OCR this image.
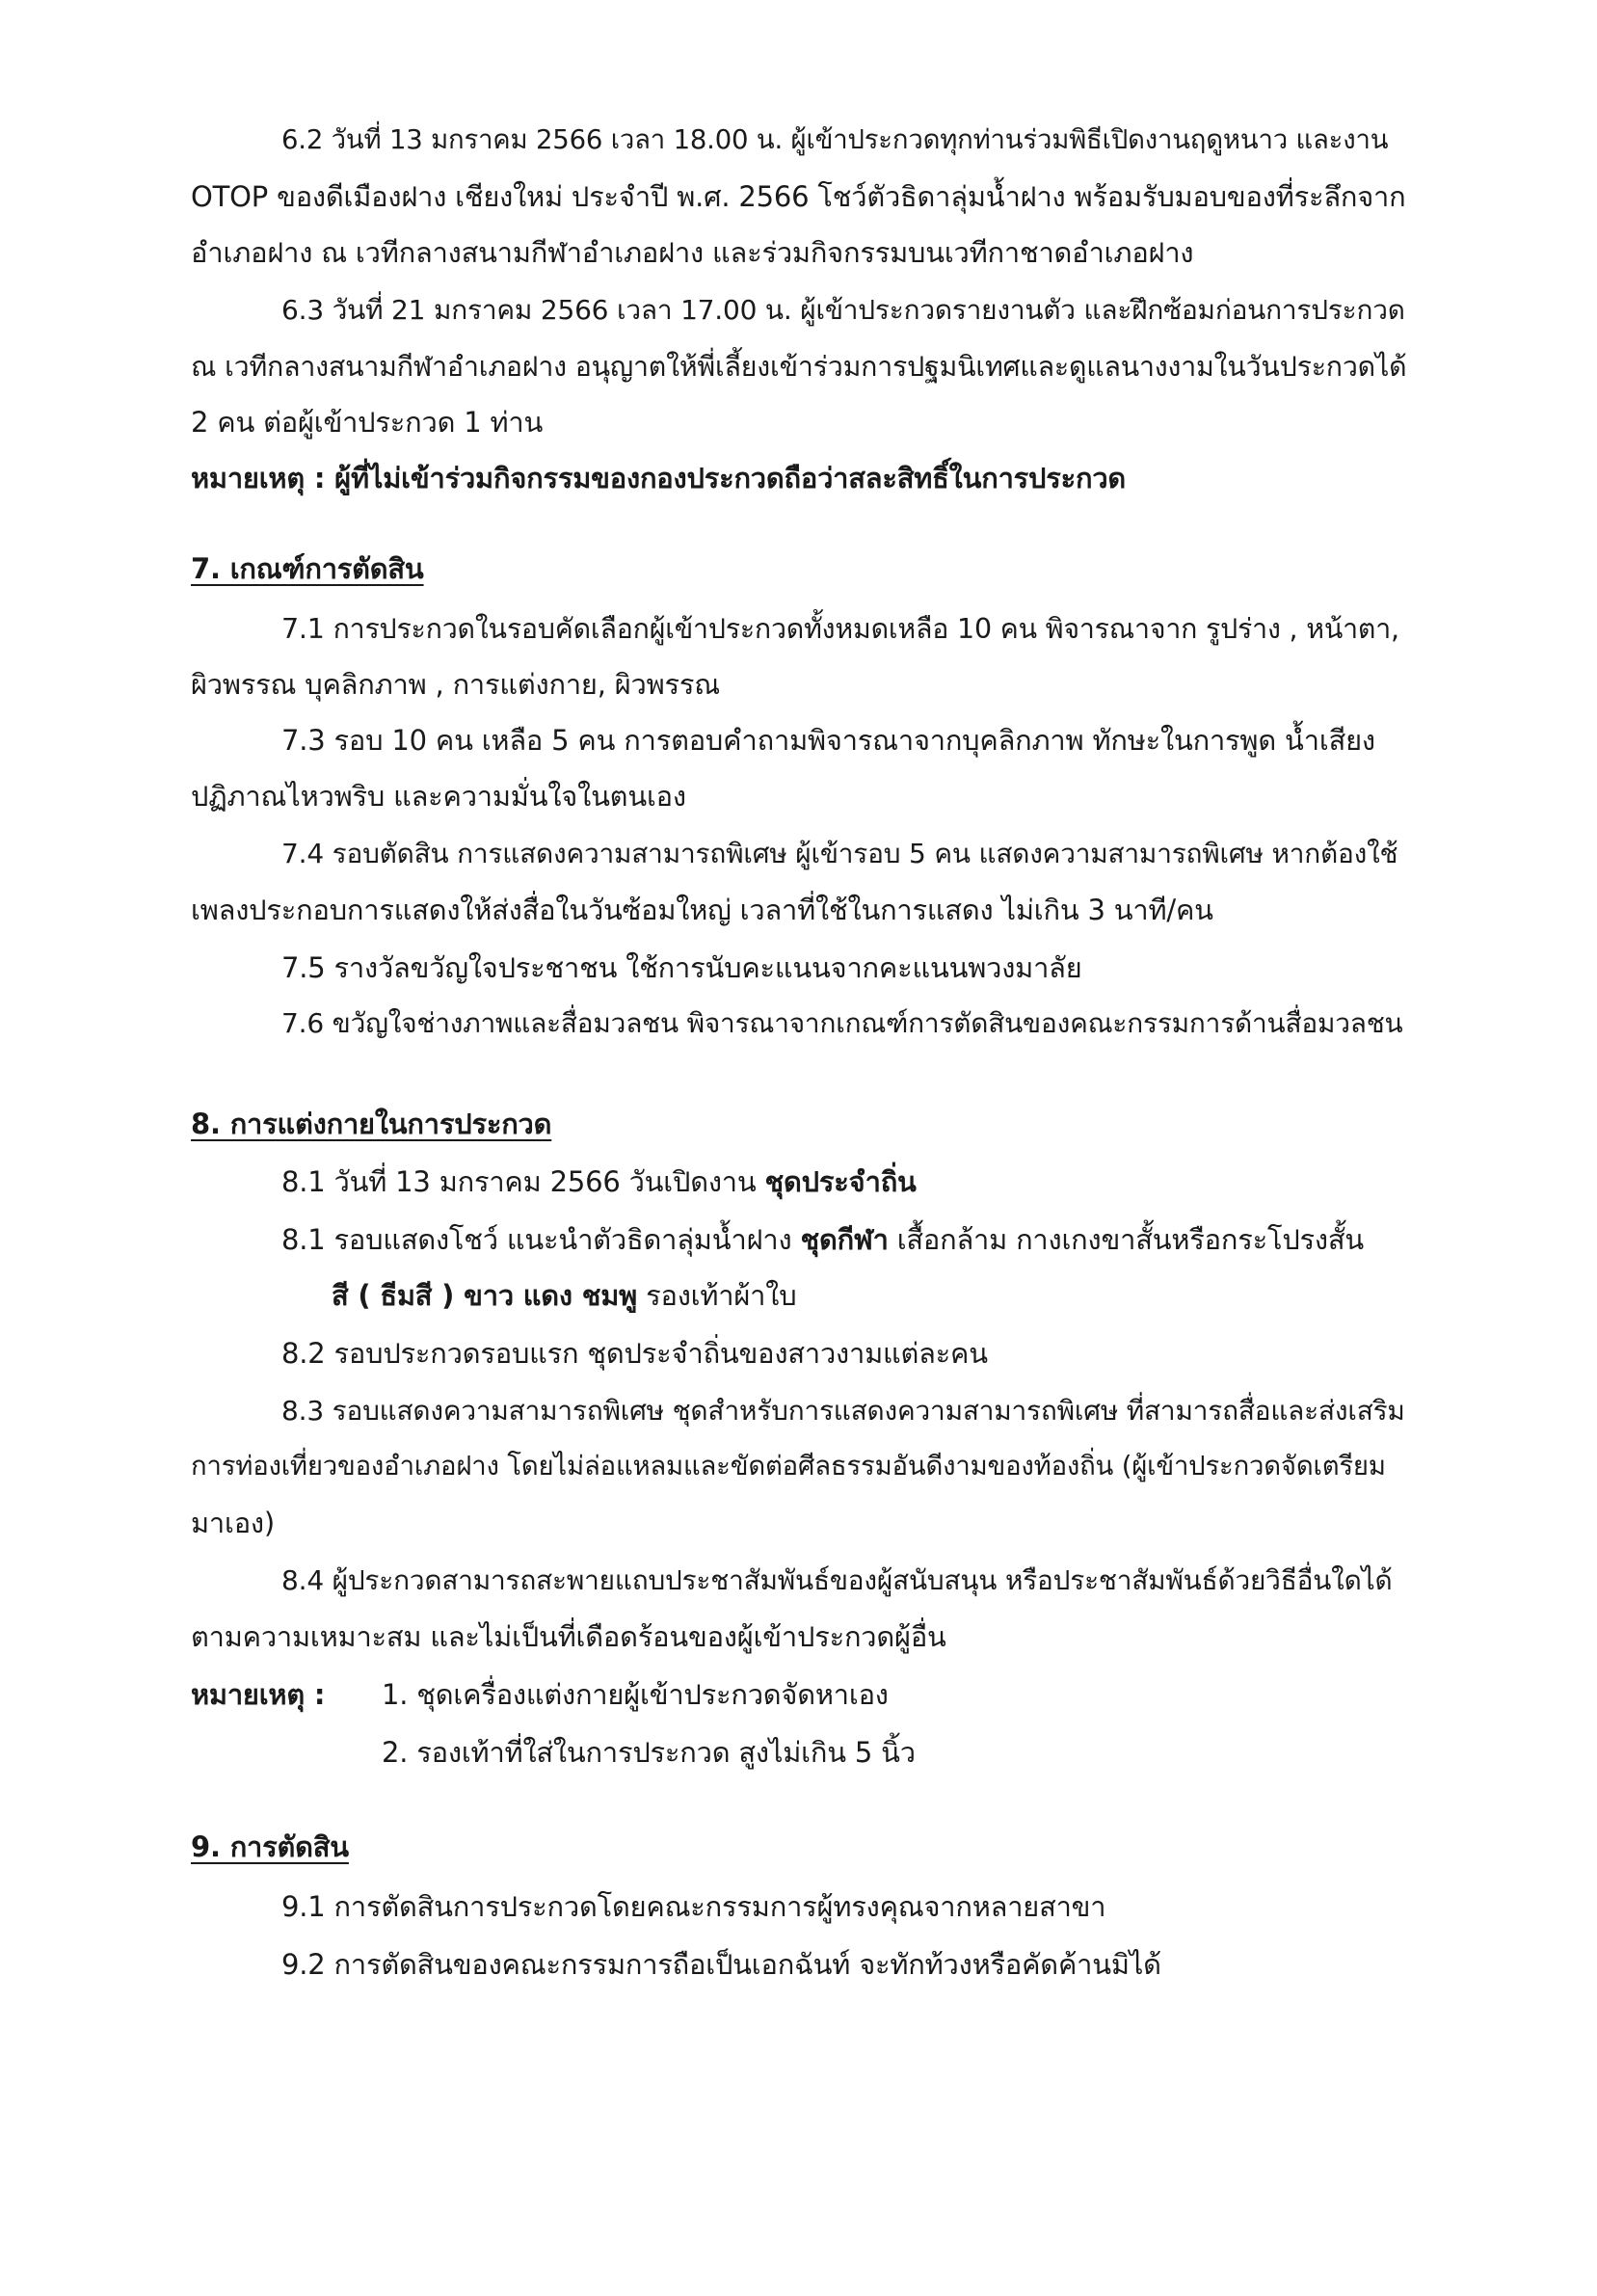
6.2 วันที่ 13 มกราคม 2566 เวลา 18.00 น. ผู้เข้าประกวดทุกท่านร่วมพิธีเปิดงานฤดูหนาว และงาน

OTOP ของดีเมืองฝาง เชียงใหม่ ประจำปี พ.ศ. 2566 โชว์ตัวธิดาลุ่มน้ำฝาง พร้อมรับมอบของที่ระลึกจาก

อำเภอฝาง ณ เวทีกลางสนามกีฬาอำเภอฝาง และร่วมกิจกรรมบนเวทีกาชาดอำเภอฝาง

6.3 วันที่ 21 มกราคม 2566 เวลา 17.00 น. ผู้เข้าประกวดรายงานตัว และฝึกซ้อมก่อนการประกวด

ณ เวทีกลางสนามกีฬาอำเภอฝาง อนุญาตให้พี่เลี้ยงเข้าร่วมการปฐมนิเทศและดูแลนางงามในวันประกวดได้

2 คน ต่อผู้เข้าประกวด 1 ท่าน

หมายเหตุ : ผู้ที่ไม่เข้าร่วมกิจกรรมของกองประกวดถือว่าสละสิทธิ์ในการประกวด

7. เกณฑ์การตัดสิน

7.1 การประกวดในรอบคัดเลือกผู้เข้าประกวดทั้งหมดเหลือ 10 คน พิจารณาจาก รูปร่าง , หน้าตา,

ผิวพรรณ บุคลิกภาพ , การแต่งกาย, ผิวพรรณ

7.3 รอบ 10 คน เหลือ 5 คน การตอบคำถามพิจารณาจากบุคลิกภาพ ทักษะในการพูด น้ำเสียง

ปฏิภาณไหวพริบ และความมั่นใจในตนเอง

7.4 รอบตัดสิน การแสดงความสามารถพิเศษ ผู้เข้ารอบ 5 คน แสดงความสามารถพิเศษ หากต้องใช้

เพลงประกอบการแสดงให้ส่งสื่อในวันซ้อมใหญ่ เวลาที่ใช้ในการแสดง ไม่เกิน 3 นาที/คน

7.5 รางวัลขวัญใจประชาชน ใช้การนับคะแนนจากคะแนนพวงมาลัย

7.6 ขวัญใจช่างภาพและสื่อมวลชน พิจารณาจากเกณฑ์การตัดสินของคณะกรรมการด้านสื่อมวลชน

8. การแต่งกายในการประกวด

8.1 วันที่ 13 มกราคม 2566 วันเปิดงาน ชุดประจำถิ่น

8.1 รอบแสดงโชว์ แนะนำตัวธิดาลุ่มน้ำฝาง ชุดกีฬา เสื้อกล้าม กางเกงขาสั้นหรือกระโปรงสั้น

สี ( ธีมสี ) ขาว แดง ชมพู รองเท้าผ้าใบ

8.2 รอบประกวดรอบแรก ชุดประจำถิ่นของสาวงามแต่ละคน

8.3 รอบแสดงความสามารถพิเศษ ชุดสำหรับการแสดงความสามารถพิเศษ ที่สามารถสื่อและส่งเสริม

การท่องเที่ยวของอำเภอฝาง โดยไม่ล่อแหลมและขัดต่อศีลธรรมอันดีงามของท้องถิ่น (ผู้เข้าประกวดจัดเตรียม

มาเอง)

8.4 ผู้ประกวดสามารถสะพายแถบประชาสัมพันธ์ของผู้สนับสนุน หรือประชาสัมพันธ์ด้วยวิธีอื่นใดได้

ตามความเหมาะสม และไม่เป็นที่เดือดร้อนของผู้เข้าประกวดผู้อื่น

หมายเหตุ : 1. ชุดเครื่องแต่งกายผู้เข้าประกวดจัดหาเอง

2. รองเท้าที่ใส่ในการประกวด สูงไม่เกิน 5 นิ้ว

9. การตัดสิน

9.1 การตัดสินการประกวดโดยคณะกรรมการผู้ทรงคุณจากหลายสาขา

9.2 การตัดสินของคณะกรรมการถือเป็นเอกฉันท์ จะทักท้วงหรือคัดค้านมิได้
